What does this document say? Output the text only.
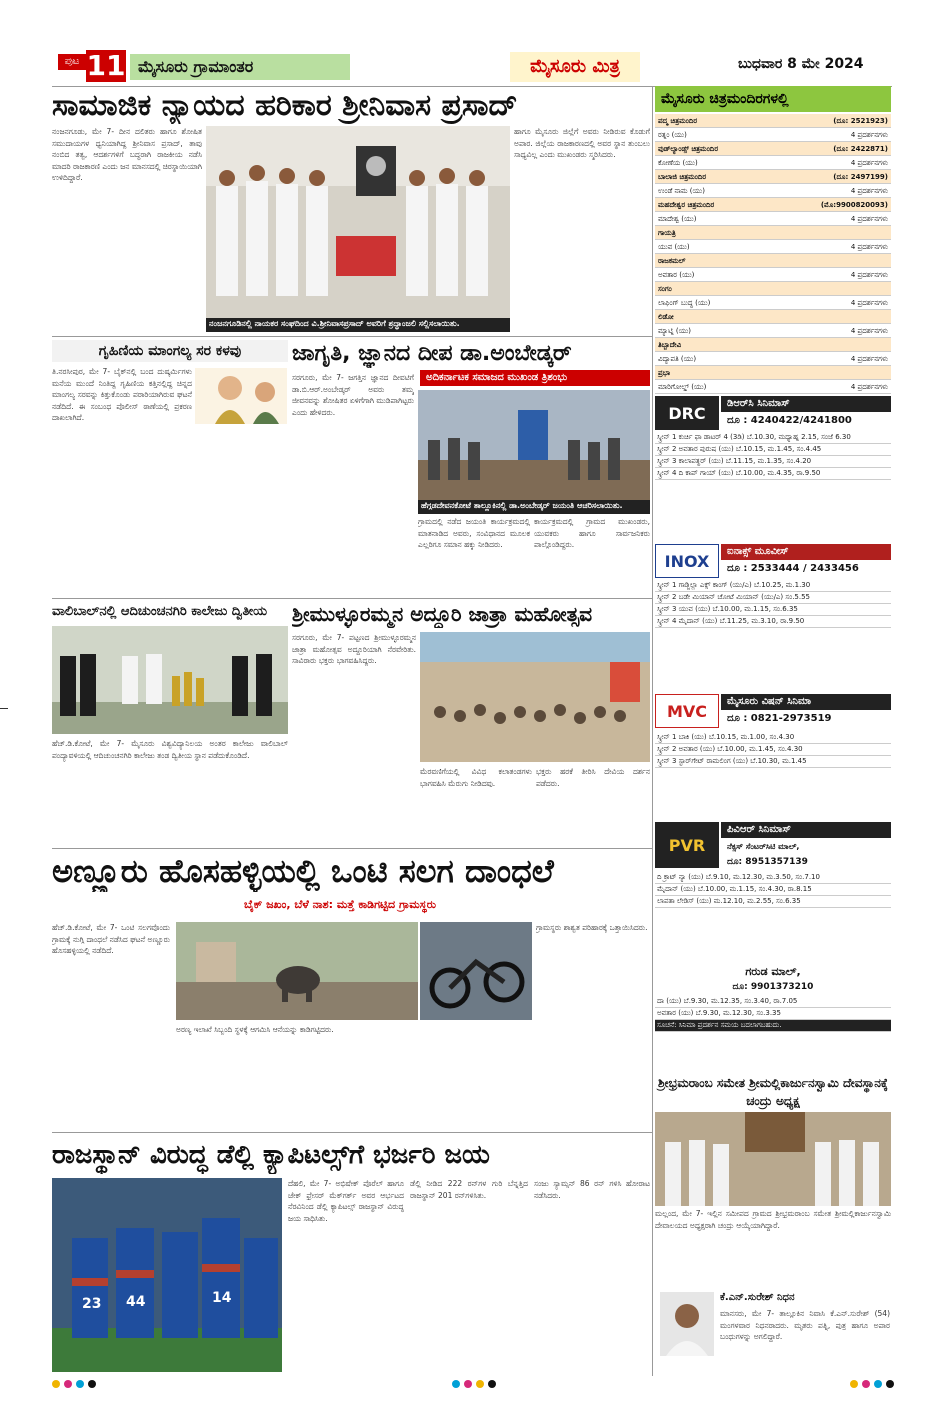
ಪುಟ 11 ಮೈಸೂರು ಗ್ರಾಮಾಂತರ	ಮೈಸೂರು ಮಿತ್ರ	ಬುಧವಾರ 8 ಮೇ 2024
ಸಾಮಾಜಿಕ ನ್ಯಾಯದ ಹರಿಕಾರ ಶ್ರೀನಿವಾಸ ಪ್ರಸಾದ್
ನಂಜನಗೂಡು, ಮೇ 7- ದೀನ ದಲಿತರು ಹಾಗೂ ಶೋಷಿತ ಸಮುದಾಯಗಳ ಧ್ವನಿಯಾಗಿದ್ದ ಶ್ರೀನಿವಾಸ ಪ್ರಸಾದ್, ತಾವು ನಂಬಿದ ತತ್ವ, ಆದರ್ಶಗಳಿಗೆ ಬದ್ಧರಾಗಿ ರಾಜಕೀಯ ನಡೆಸಿ ಮಾದರಿ ರಾಜಕಾರಣಿ ಎಂದು ಜನ ಮಾನಸದಲ್ಲಿ ಚಿರಸ್ಥಾಯಿಯಾಗಿ ಉಳಿದಿದ್ದಾರೆ.
ನಂಜನಗೂಡಿನಲ್ಲಿ ನಾಯಕರ ಸಂಘದಿಂದ ವಿ.ಶ್ರೀನಿವಾಸಪ್ರಸಾದ್ ಅವರಿಗೆ ಶ್ರದ್ಧಾಂಜಲಿ ಸಲ್ಲಿಸಲಾಯಿತು.
ಹಾಗೂ ಮೈಸೂರು ಜಿಲ್ಲೆಗೆ ಅವರು ನೀಡಿರುವ ಕೊಡುಗೆ ಅಪಾರ. ಜಿಲ್ಲೆಯ ರಾಜಕಾರಣದಲ್ಲಿ ಅವರ ಸ್ಥಾನ ತುಂಬಲು ಸಾಧ್ಯವಿಲ್ಲ ಎಂದು ಮುಖಂಡರು ಸ್ಮರಿಸಿದರು.
ಗೃಹಿಣಿಯ ಮಾಂಗಲ್ಯ ಸರ ಕಳವು
ತಿ.ನರಸೀಪುರ, ಮೇ 7- ಬೈಕ್‌ನಲ್ಲಿ ಬಂದ ದುಷ್ಕರ್ಮಿಗಳು ಮನೆಯ ಮುಂದೆ ನಿಂತಿದ್ದ ಗೃಹಿಣಿಯ ಕತ್ತಿನಲ್ಲಿದ್ದ ಚಿನ್ನದ ಮಾಂಗಲ್ಯ ಸರವನ್ನು ಕಿತ್ತುಕೊಂಡು ಪರಾರಿಯಾಗಿರುವ ಘಟನೆ ನಡೆದಿದೆ. ಈ ಸಂಬಂಧ ಪೊಲೀಸ್ ಠಾಣೆಯಲ್ಲಿ ಪ್ರಕರಣ ದಾಖಲಾಗಿದೆ.
ಜಾಗೃತಿ, ಜ್ಞಾನದ ದೀಪ ಡಾ.ಅಂಬೇಡ್ಕರ್
ಅದಿಕರ್ನಾಟಕ ಸಮಾಜದ ಮುಖಂಡ ತ್ರಿಶಂಭು
ಸರಗೂರು, ಮೇ 7- ಜಗತ್ತಿನ ಜ್ಞಾನದ ದೀವಟಿಗೆ ಡಾ.ಬಿ.ಆರ್.ಅಂಬೇಡ್ಕರ್ ಅವರು ತಮ್ಮ ಜೀವನವನ್ನು ಶೋಷಿತರ ಏಳಿಗೆಗಾಗಿ ಮುಡಿಪಾಗಿಟ್ಟರು ಎಂದು ಹೇಳಿದರು.
ಹೆಗ್ಗಡದೇವನಕೋಟೆ ತಾಲ್ಲೂಕಿನಲ್ಲಿ ಡಾ.ಅಂಬೇಡ್ಕರ್ ಜಯಂತಿ ಆಚರಿಸಲಾಯಿತು.
ಗ್ರಾಮದಲ್ಲಿ ನಡೆದ ಜಯಂತಿ ಕಾರ್ಯಕ್ರಮದಲ್ಲಿ ಮಾತನಾಡಿದ ಅವರು, ಸಂವಿಧಾನದ ಮೂಲಕ ಎಲ್ಲರಿಗೂ ಸಮಾನ ಹಕ್ಕು ನೀಡಿದರು.
ಕಾರ್ಯಕ್ರಮದಲ್ಲಿ ಗ್ರಾಮದ ಮುಖಂಡರು, ಯುವಕರು ಹಾಗೂ ಸಾರ್ವಜನಿಕರು ಪಾಲ್ಗೊಂಡಿದ್ದರು.
ವಾಲಿಬಾಲ್‌ನಲ್ಲಿ ಆದಿಚುಂಚನಗಿರಿ ಕಾಲೇಜು ದ್ವಿತೀಯ
ಹೆಚ್.ಡಿ.ಕೋಟೆ, ಮೇ 7- ಮೈಸೂರು ವಿಶ್ವವಿದ್ಯಾನಿಲಯ ಅಂತರ ಕಾಲೇಜು ವಾಲಿಬಾಲ್ ಪಂದ್ಯಾವಳಿಯಲ್ಲಿ ಆದಿಚುಂಚನಗಿರಿ ಕಾಲೇಜು ತಂಡ ದ್ವಿತೀಯ ಸ್ಥಾನ ಪಡೆದುಕೊಂಡಿದೆ.
ಶ್ರೀಮುಳ್ಳೂರಮ್ಮನ ಅದ್ದೂರಿ ಜಾತ್ರಾ ಮಹೋತ್ಸವ
ಸರಗೂರು, ಮೇ 7- ಪಟ್ಟಣದ ಶ್ರೀಮುಳ್ಳೂರಮ್ಮನ ಜಾತ್ರಾ ಮಹೋತ್ಸವ ಅದ್ದೂರಿಯಾಗಿ ನೆರವೇರಿತು. ಸಾವಿರಾರು ಭಕ್ತರು ಭಾಗವಹಿಸಿದ್ದರು.
ಮೆರವಣಿಗೆಯಲ್ಲಿ ವಿವಿಧ ಕಲಾತಂಡಗಳು ಭಾಗವಹಿಸಿ ಮೆರುಗು ನೀಡಿದವು.
ಭಕ್ತರು ಹರಕೆ ತೀರಿಸಿ ದೇವಿಯ ದರ್ಶನ ಪಡೆದರು.
ಅಣ್ಣೂರು ಹೊಸಹಳ್ಳಿಯಲ್ಲಿ ಒಂಟಿ ಸಲಗ ದಾಂಧಲೆ
ಬೈಕ್ ಜಖಂ, ಬೆಳೆ ನಾಶ: ಮತ್ತೆ ಕಾಡಿಗಟ್ಟಿದ ಗ್ರಾಮಸ್ಥರು
ಹೆಚ್.ಡಿ.ಕೋಟೆ, ಮೇ 7- ಒಂಟಿ ಸಲಗವೊಂದು ಗ್ರಾಮಕ್ಕೆ ನುಗ್ಗಿ ದಾಂಧಲೆ ನಡೆಸಿದ ಘಟನೆ ಅಣ್ಣೂರು ಹೊಸಹಳ್ಳಿಯಲ್ಲಿ ನಡೆದಿದೆ.
ಗ್ರಾಮಸ್ಥರು ಶಾಶ್ವತ ಪರಿಹಾರಕ್ಕೆ ಒತ್ತಾಯಿಸಿದರು.
ಅರಣ್ಯ ಇಲಾಖೆ ಸಿಬ್ಬಂದಿ ಸ್ಥಳಕ್ಕೆ ಆಗಮಿಸಿ ಆನೆಯನ್ನು ಕಾಡಿಗಟ್ಟಿದರು.
ರಾಜಸ್ಥಾನ್ ವಿರುದ್ಧ ಡೆಲ್ಲಿ ಕ್ಯಾಪಿಟಲ್ಸ್‌ಗೆ ಭರ್ಜರಿ ಜಯ
23 44	14
ದೆಹಲಿ, ಮೇ 7- ಅಭಿಷೇಕ್ ಪೊರೆಲ್ ಹಾಗೂ ಜೇಕ್ ಫ್ರೇಸರ್ ಮೆಕ್‌ಗರ್ಕ್ ಅವರ ಆರ್ಭಟದ ನೆರವಿನಿಂದ ಡೆಲ್ಲಿ ಕ್ಯಾಪಿಟಲ್ಸ್ ರಾಜಸ್ಥಾನ್ ವಿರುದ್ಧ ಜಯ ಸಾಧಿಸಿತು.
ಡೆಲ್ಲಿ ನೀಡಿದ 222 ರನ್‌ಗಳ ಗುರಿ ಬೆನ್ನತ್ತಿದ ರಾಜಸ್ಥಾನ್ 201 ರನ್‌ಗಳಿಸಿತು.
ಸಂಜು ಸ್ಯಾಮ್ಸನ್ 86 ರನ್ ಗಳಿಸಿ ಹೋರಾಟ ನಡೆಸಿದರು.
ಮೈಸೂರು ಚಿತ್ರಮಂದಿರಗಳಲ್ಲಿ
ಪದ್ಮ ಚಿತ್ರಮಂದಿರ	(ದೂ: 2521923)
ರತ್ನಂ (ಯು)	4 ಪ್ರದರ್ಶನಗಳು
ವುಡ್‌ಲ್ಯಾಂಡ್ಸ್ ಚಿತ್ರಮಂದಿರ	(ದೂ: 2422871)
ಕೋಣೆಯ (ಯು)	4 ಪ್ರದರ್ಶನಗಳು
ಬಾಲಾಜಿ ಚಿತ್ರಮಂದಿರ	(ದೂ: 2497199)
ಉಂಡೆ ನಾಮ (ಯು)	4 ಪ್ರದರ್ಶನಗಳು
ಮಹದೇಶ್ವರ ಚಿತ್ರಮಂದಿರ	(ಮೊ:9900820093)
ಮಾದೇಶ್ವ (ಯು)	4 ಪ್ರದರ್ಶನಗಳು
ಗಾಯತ್ರಿ
ಯುವ (ಯು)	4 ಪ್ರದರ್ಶನಗಳು
ರಾಜಕಮಲ್
ಅವತಾರ (ಯು)	4 ಪ್ರದರ್ಶನಗಳು
ಸಂಗಂ
ಲಾಫಿಂಗ್ ಬುದ್ಧ (ಯು)	4 ಪ್ರದರ್ಶನಗಳು
ಲಿಡೋ
ಮ್ಯಾಟ್ನಿ (ಯು)	4 ಪ್ರದರ್ಶನಗಳು
ತಿಬ್ಬಾದೇವಿ
ವಿದ್ಯಾಪತಿ (ಯು)	4 ಪ್ರದರ್ಶನಗಳು
ಪ್ರಭಾ
ಮಾರಿಗೋಲ್ಡ್ (ಯು)	4 ಪ್ರದರ್ಶನಗಳು
DRC	ಡಿಆರ್‌ಸಿ ಸಿನಿಮಾಸ್
ದೂ : 4240422/4241800
ಸ್ಕ್ರೀನ್ 1 ಕುರ್ಚಿ ಫಾ ಡಾಟರ್ 4 (3ಡಿ) ಬೆ.10.30, ಮಧ್ಯಾಹ್ನ 2.15, ಸಂಜೆ 6.30
ಸ್ಕ್ರೀನ್ 2 ಅವತಾರ ಪುರುಷ (ಯು) ಬೆ.10.15, ಮ.1.45, ಸಂ.4.45
ಸ್ಕ್ರೀನ್ 3 ಕಾಲಾಪತ್ಥರ್ (ಯು) ಬೆ.11.15, ಮ.1.35, ಸಂ.4.20
ಸ್ಕ್ರೀನ್ 4 ದಿ ಕಾಪ್ ಗಾಯ್ (ಯು) ಬೆ.10.00, ಮ.4.35, ರಾ.9.50
INOX	ಐನಾಕ್ಸ್ ಮೂವೀಸ್
ದೂ : 2533444 / 2433456
ಸ್ಕ್ರೀನ್ 1 ಗಾಡ್ಜಿಲ್ಲಾ ಎಕ್ಸ್ ಕಾಂಗ್ (ಯು/ಎ) ಬೆ.10.25, ಮ.1.30
ಸ್ಕ್ರೀನ್ 2 ಬಡೇ ಮಿಯಾನ್ ಚೋಟೆ ಮಿಯಾನ್ (ಯು/ಎ) ಸಂ.5.55
ಸ್ಕ್ರೀನ್ 3 ಯುವ (ಯು) ಬೆ.10.00, ಮ.1.15, ಸಂ.6.35
ಸ್ಕ್ರೀನ್ 4 ಮೈದಾನ್ (ಯು) ಬೆ.11.25, ಮ.3.10, ರಾ.9.50
MVC	ಮೈಸೂರು ವಿಷನ್ ಸಿನಿಮಾ
ದೂ : 0821-2973519
ಸ್ಕ್ರೀನ್ 1 ಬಾಕಿ (ಯು) ಬೆ.10.15, ಮ.1.00, ಸಂ.4.30
ಸ್ಕ್ರೀನ್ 2 ಅವತಾರ (ಯು) ಬೆ.10.00, ಮ.1.45, ಸಂ.4.30
ಸ್ಕ್ರೀನ್ 3 ಸ್ಟಾರ್‌ಗೇಟ್ ರಾಮಲಿಂಗ (ಯು) ಬೆ.10.30, ಮ.1.45
PVR
ಪಿವಿಆರ್ ಸಿನಿಮಾಸ್
ನೆಕ್ಸಸ್ ಸೆಂಟರ್‌ಸಿಟಿ ಮಾಲ್,
ದೂ: 8951357139
ದಿ ಕ್ರಾಟ್‌ ನ್ಯಾ (ಯು) ಬೆ.9.10, ಮ.12.30, ಮ.3.50, ಸಂ.7.10
ಮೈದಾನ್ (ಯು) ಬೆ.10.00, ಮ.1.15, ಸಂ.4.30, ರಾ.8.15
ಲಾಪತಾ ಲೇಡಿಸ್ (ಯು) ಮ.12.10, ಮ.2.55, ಸಂ.6.35
ಗರುಡ ಮಾಲ್,
ದೂ: 9901373210
ದಾ (ಯು) ಬೆ.9.30, ಮ.12.35, ಸಂ.3.40, ರಾ.7.05
ಅವತಾರ (ಯು) ಬೆ.9.30, ಮ.12.30, ಸಂ.3.35
ಸೂಚನೆ: ಸಿನಿಮಾ ಪ್ರದರ್ಶನ ಸಮಯ ಬದಲಾಗಬಹುದು.
ಶ್ರೀಭ್ರಮರಾಂಬ ಸಮೇತ ಶ್ರೀಮಲ್ಲಿಕಾರ್ಜುನಸ್ವಾಮಿ ದೇವಸ್ಥಾನಕ್ಕೆ ಚಂದ್ರು ಅಧ್ಯಕ್ಷ
ಮಲ್ಲಂದ, ಮೇ 7- ಇಲ್ಲಿನ ಸಮೀಪದ ಗ್ರಾಮದ ಶ್ರೀಭ್ರಮರಾಂಬ ಸಮೇತ ಶ್ರೀಮಲ್ಲಿಕಾರ್ಜುನಸ್ವಾಮಿ ದೇವಾಲಯದ ಅಧ್ಯಕ್ಷರಾಗಿ ಚಂದ್ರು ಆಯ್ಕೆಯಾಗಿದ್ದಾರೆ.
ಕೆ.ಎನ್.ಸುರೇಶ್ ನಿಧನ
ಮಾನಸರು, ಮೇ 7- ತಾಲ್ಲೂಕಿನ ನಿವಾಸಿ ಕೆ.ಎನ್.ಸುರೇಶ್ (54) ಮಂಗಳವಾರ ನಿಧನರಾದರು. ಮೃತರು ಪತ್ನಿ, ಪುತ್ರ ಹಾಗೂ ಅಪಾರ ಬಂಧುಗಳನ್ನು ಅಗಲಿದ್ದಾರೆ.
